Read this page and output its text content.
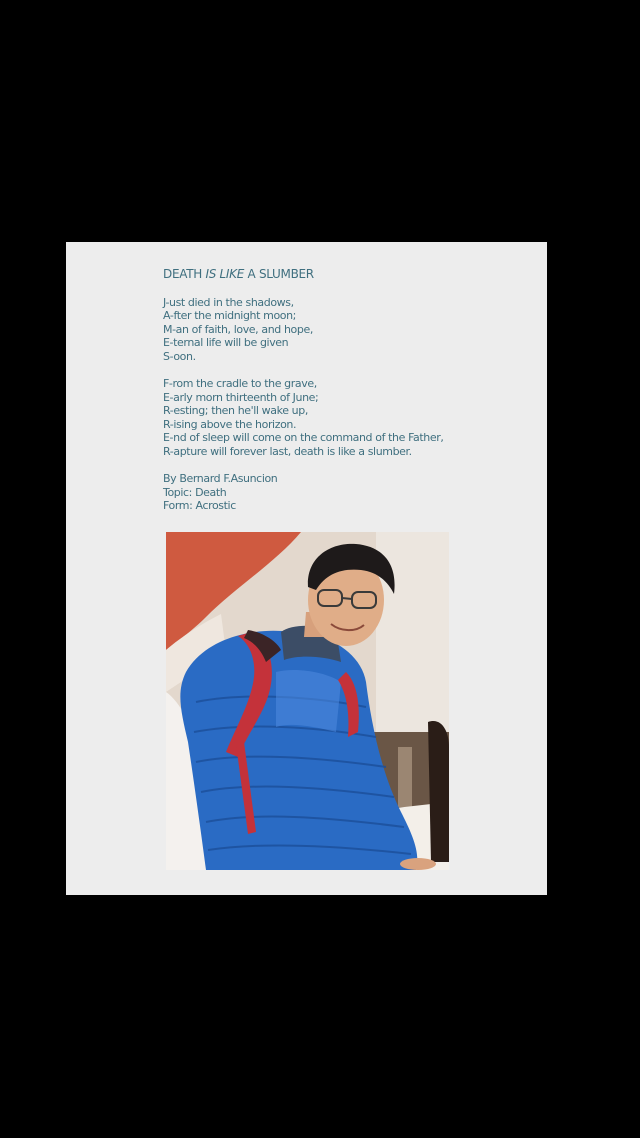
DEATH IS LIKE A SLUMBER
J-ust died in the shadows,
A-fter the midnight moon;
M-an of faith, love, and hope,
E-ternal life will be given
S-oon.
F-rom the cradle to the grave,
E-arly morn thirteenth of June;
R-esting; then he'll wake up,
R-ising above the horizon.
E-nd of sleep will come on the command of the Father,
R-apture will forever last, death is like a slumber.
By Bernard F.Asuncion
Topic: Death
Form: Acrostic
